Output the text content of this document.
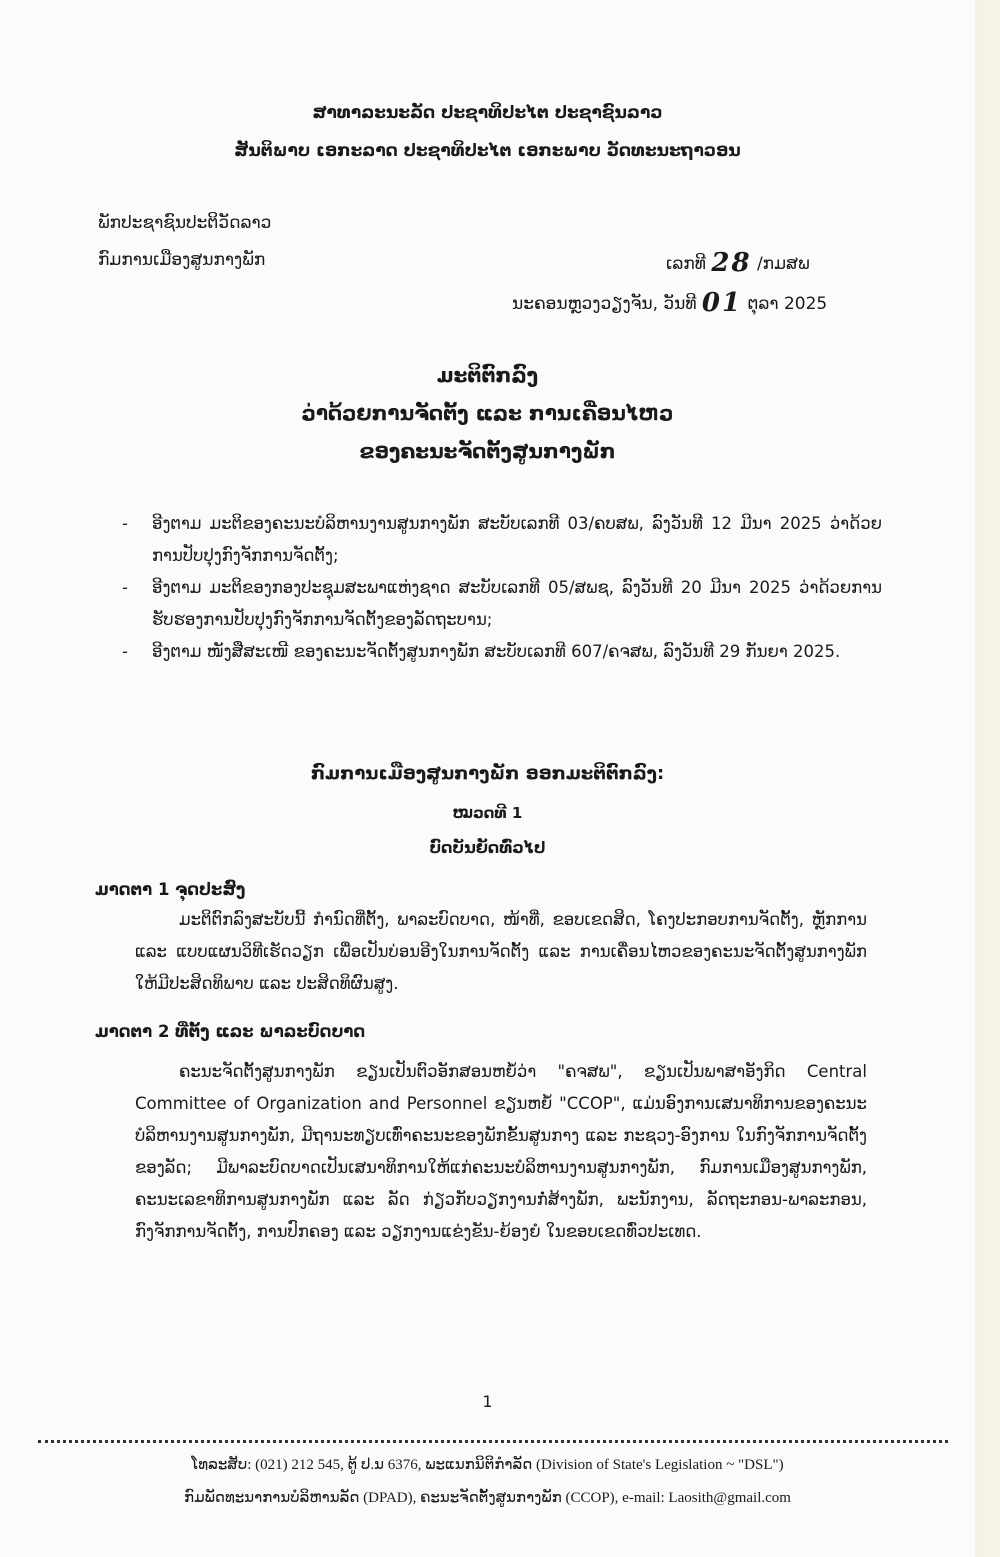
ສາທາລະນະລັດ ປະຊາທິປະໄຕ ປະຊາຊົນລາວ
ສັນຕິພາບ ເອກະລາດ ປະຊາທິປະໄຕ ເອກະພາບ ວັດທະນະຖາວອນ
ພັກປະຊາຊົນປະຕິວັດລາວ
ກົມການເມືອງສູນກາງພັກ	ເລກທີ 28 /ກມສພ
ນະຄອນຫຼວງວຽງຈັນ, ວັນທີ 01 ຕຸລາ 2025
ມະຕິຕົກລົງ
ວ່າດ້ວຍການຈັດຕັ້ງ ແລະ ການເຄື່ອນໄຫວ
ຂອງຄະນະຈັດຕັ້ງສູນກາງພັກ
- ອີງຕາມ ມະຕິຂອງຄະນະບໍລິຫານງານສູນກາງພັກ ສະບັບເລກທີ 03/ຄບສພ, ລົງວັນທີ 12 ມີນາ 2025 ວ່າດ້ວຍການປັບປຸງກົງຈັກການຈັດຕັ້ງ;
- ອີງຕາມ ມະຕິຂອງກອງປະຊຸມສະພາແຫ່ງຊາດ ສະບັບເລກທີ 05/ສພຊ, ລົງວັນທີ 20 ມີນາ 2025 ວ່າດ້ວຍການຮັບຮອງການປັບປຸງກົງຈັກການຈັດຕັ້ງຂອງລັດຖະບານ;
- ອີງຕາມ ໜັງສືສະເໜີ ຂອງຄະນະຈັດຕັ້ງສູນກາງພັກ ສະບັບເລກທີ 607/ຄຈສພ, ລົງວັນທີ 29 ກັນຍາ 2025.
ກົມການເມືອງສູນກາງພັກ ອອກມະຕິຕົກລົງ:
ໝວດທີ 1
ບົດບັນຍັດທົ່ວໄປ
ມາດຕາ 1 ຈຸດປະສົງ
ມະຕິຕົກລົງສະບັບນີ້ ກຳນົດທີ່ຕັ້ງ, ພາລະບົດບາດ, ໜ້າທີ່, ຂອບເຂດສິດ, ໂຄງປະກອບການຈັດຕັ້ງ, ຫຼັກການ ແລະ ແບບແຜນວິທີເຮັດວຽກ ເພື່ອເປັນບ່ອນອີງໃນການຈັດຕັ້ງ ແລະ ການເຄື່ອນໄຫວຂອງຄະນະຈັດຕັ້ງສູນກາງພັກ ໃຫ້ມີປະສິດທິພາບ ແລະ ປະສິດທິຜົນສູງ.
ມາດຕາ 2 ທີ່ຕັ້ງ ແລະ ພາລະບົດບາດ
ຄະນະຈັດຕັ້ງສູນກາງພັກ ຂຽນເປັນຕົວອັກສອນຫຍໍ້ວ່າ "ຄຈສພ", ຂຽນເປັນພາສາອັງກິດ Central Committee of Organization and Personnel ຂຽນຫຍໍ້ "CCOP", ແມ່ນອົງການເສນາທິການຂອງຄະນະບໍລິຫານງານສູນກາງພັກ, ມີຖານະທຽບເທົ່າຄະນະຂອງພັກຂັ້ນສູນກາງ ແລະ ກະຊວງ-ອົງການ ໃນກົງຈັກການຈັດຕັ້ງຂອງລັດ; ມີພາລະບົດບາດເປັນເສນາທິການໃຫ້ແກ່ຄະນະບໍລິຫານງານສູນກາງພັກ, ກົມການເມືອງສູນກາງພັກ, ຄະນະເລຂາທິການສູນກາງພັກ ແລະ ລັດ ກ່ຽວກັບວຽກງານກໍ່ສ້າງພັກ, ພະນັກງານ, ລັດຖະກອນ-ພາລະກອນ, ກົງຈັກການຈັດຕັ້ງ, ການປົກຄອງ ແລະ ວຽກງານແຂ່ງຂັນ-ຍ້ອງຍໍ ໃນຂອບເຂດທົ່ວປະເທດ.
1
ໂທລະສັບ: (021) 212 545, ຕູ້ ປ.ນ 6376, ພະແນກນິຕິກຳລັດ (Division of State's Legislation ~ "DSL")
ກົມພັດທະນາການບໍລິຫານລັດ (DPAD), ຄະນະຈັດຕັ້ງສູນກາງພັກ (CCOP), e-mail: Laosith@gmail.com
